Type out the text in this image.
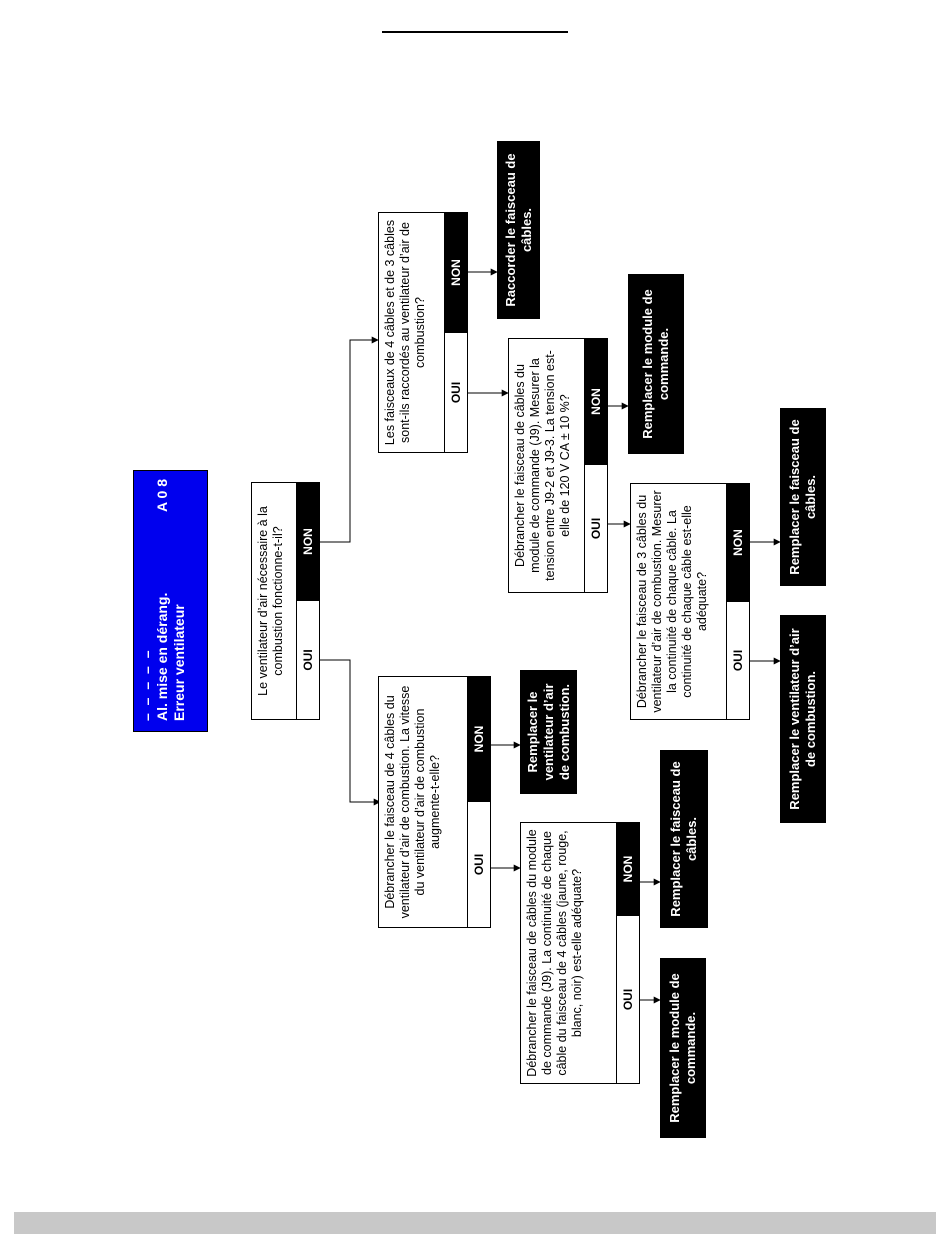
– – – – – Al. mise en dérang.
A 0 8
Erreur ventilateur	Le ventilateur d’air nécessaire à la combustion fonctionne-t-il?	OUI
NON
Débrancher le faisceau de 4 câbles du ventilateur d’air de combustion. La vitesse du ventilateur d’air de combustion augmente-t-elle?
OUI
NON
Débrancher le faisceau de câbles du module de commande (J9). La continuité de chaque câble du faisceau de 4 câbles (jaune, rouge, blanc, noir) est-elle adéquate?	OUI
NON
Les faisceaux de 4 câbles et de 3 câbles sont-ils raccordés au ventilateur d’air de combustion?
OUI
NON
Débrancher le faisceau de câbles du module de commande (J9). Mesurer la tension entre J9-2 et J9-3. La tension est-elle de 120 V CA ± 10 %?	OUI
NON
Débrancher le faisceau de 3 câbles du ventilateur d’air de combustion. Mesurer la continuité de chaque câble. La continuité de chaque câble est-elle adéquate?
OUI
NON
Remplacer le ventilateur d’air de combustion.
Remplacer le module de commande.
Remplacer le faisceau de câbles.
Raccorder le faisceau de câbles.
Remplacer le module de commande.
Remplacer le ventilateur d’air de combustion.
Remplacer le faisceau de câbles.
